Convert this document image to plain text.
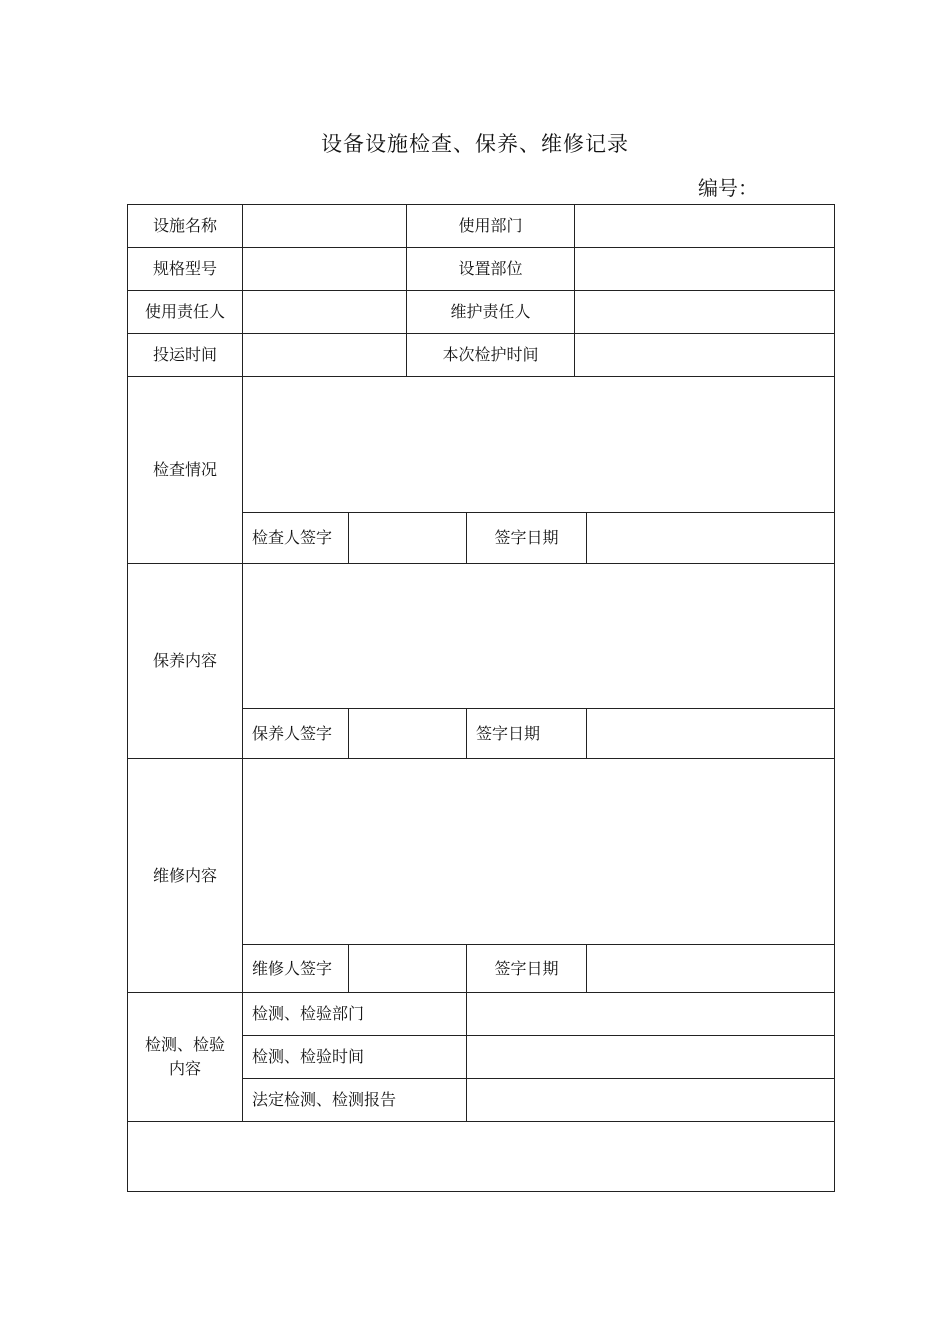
设备设施检查、保养、维修记录
编号：
设施名称	使用部门
规格型号	设置部位
使用责任人	维护责任人
投运时间	本次检护时间
检查情况
检查人签字	签字日期
保养内容
保养人签字	签字日期
维修内容
维修人签字	签字日期
检测、检验
内容
检测、检验部门
检测、检验时间
法定检测、检测报告
